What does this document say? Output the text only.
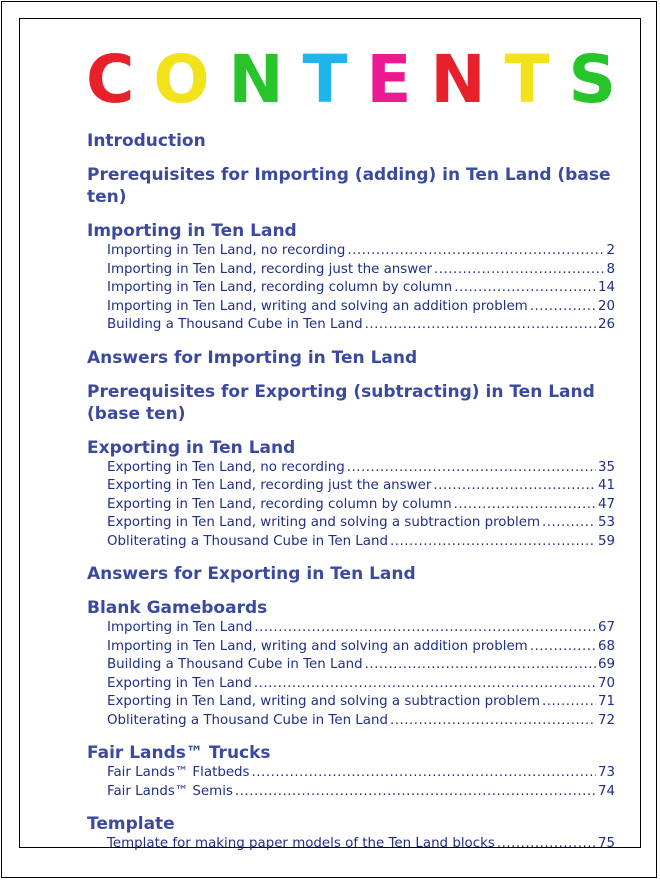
C O N T E N T S
Introduction
Prerequisites for Importing (adding) in Ten Land (base ten)
Importing in Ten Land
Importing in Ten Land, no recording .....	2
Importing in Ten Land, recording just the answer .....	8
Importing in Ten Land, recording column by column .....	14
Importing in Ten Land, writing and solving an addition problem .....	20
Building a Thousand Cube in Ten Land .....	26
Answers for Importing in Ten Land
Prerequisites for Exporting (subtracting) in Ten Land (base ten)
Exporting in Ten Land
Exporting in Ten Land, no recording .....	35
Exporting in Ten Land, recording just the answer .....	41
Exporting in Ten Land, recording column by column .....	47
Exporting in Ten Land, writing and solving a subtraction problem .....	53
Obliterating a Thousand Cube in Ten Land .....	59
Answers for Exporting in Ten Land
Blank Gameboards
Importing in Ten Land .....	67
Importing in Ten Land, writing and solving an addition problem .....	68
Building a Thousand Cube in Ten Land .....	69
Exporting in Ten Land .....	70
Exporting in Ten Land, writing and solving a subtraction problem .....	71
Obliterating a Thousand Cube in Ten Land .....	72
Fair Lands™ Trucks
Fair Lands™ Flatbeds .....	73
Fair Lands™ Semis .....	74
Template
Template for making paper models of the Ten Land blocks .....	75
